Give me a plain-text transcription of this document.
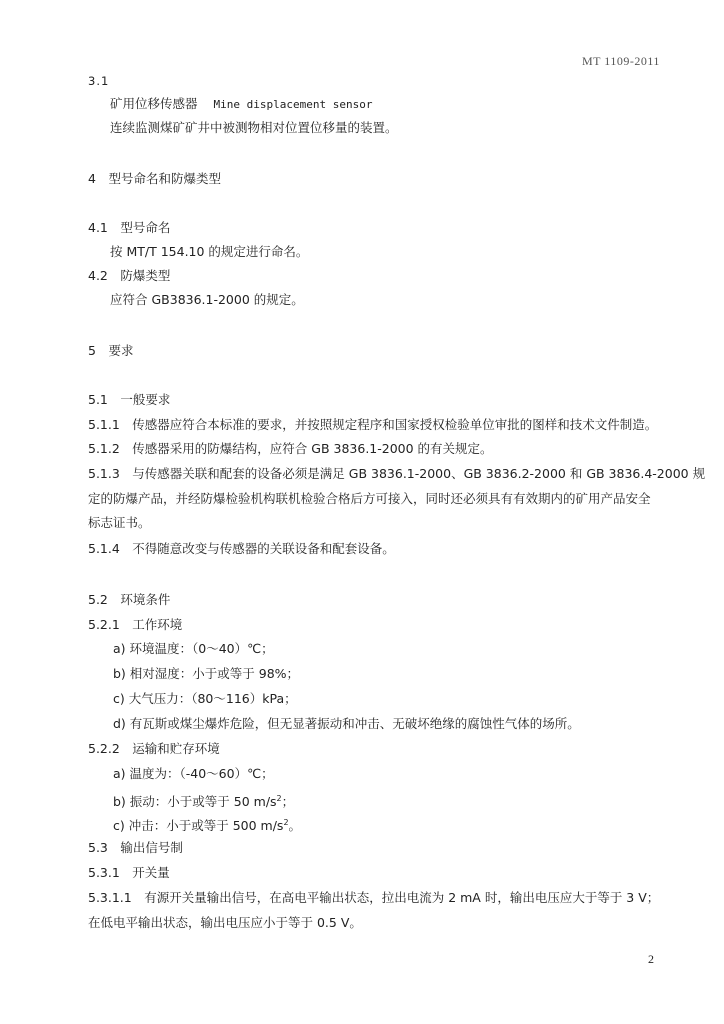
MT 1109-2011
3.1
矿用位移传感器 Mine displacement sensor
连续监测煤矿矿井中被测物相对位置位移量的装置。
4　型号命名和防爆类型
4.1　型号命名
按 MT/T 154.10 的规定进行命名。
4.2　防爆类型
应符合 GB3836.1-2000 的规定。
5　要求
5.1　一般要求
5.1.1　传感器应符合本标准的要求，并按照规定程序和国家授权检验单位审批的图样和技术文件制造。
5.1.2　传感器采用的防爆结构，应符合 GB 3836.1-2000 的有关规定。
5.1.3　与传感器关联和配套的设备必须是满足 GB 3836.1-2000、GB 3836.2-2000 和 GB 3836.4-2000 规
定的防爆产品，并经防爆检验机构联机检验合格后方可接入，同时还必须具有有效期内的矿用产品安全
标志证书。
5.1.4　不得随意改变与传感器的关联设备和配套设备。
5.2　环境条件
5.2.1　工作环境
a) 环境温度：（0～40）℃；
b) 相对湿度：小于或等于 98%；
c) 大气压力：（80～116）kPa；
d) 有瓦斯或煤尘爆炸危险，但无显著振动和冲击、无破坏绝缘的腐蚀性气体的场所。
5.2.2　运输和贮存环境
a) 温度为：（-40～60）℃；
b) 振动：小于或等于 50 $m/s^2$；
c) 冲击：小于或等于 500 $m/s^2$。
5.3　输出信号制
5.3.1　开关量
5.3.1.1　有源开关量输出信号，在高电平输出状态，拉出电流为 2 mA 时，输出电压应大于等于 3 V；
在低电平输出状态，输出电压应小于等于 0.5 V。
2
